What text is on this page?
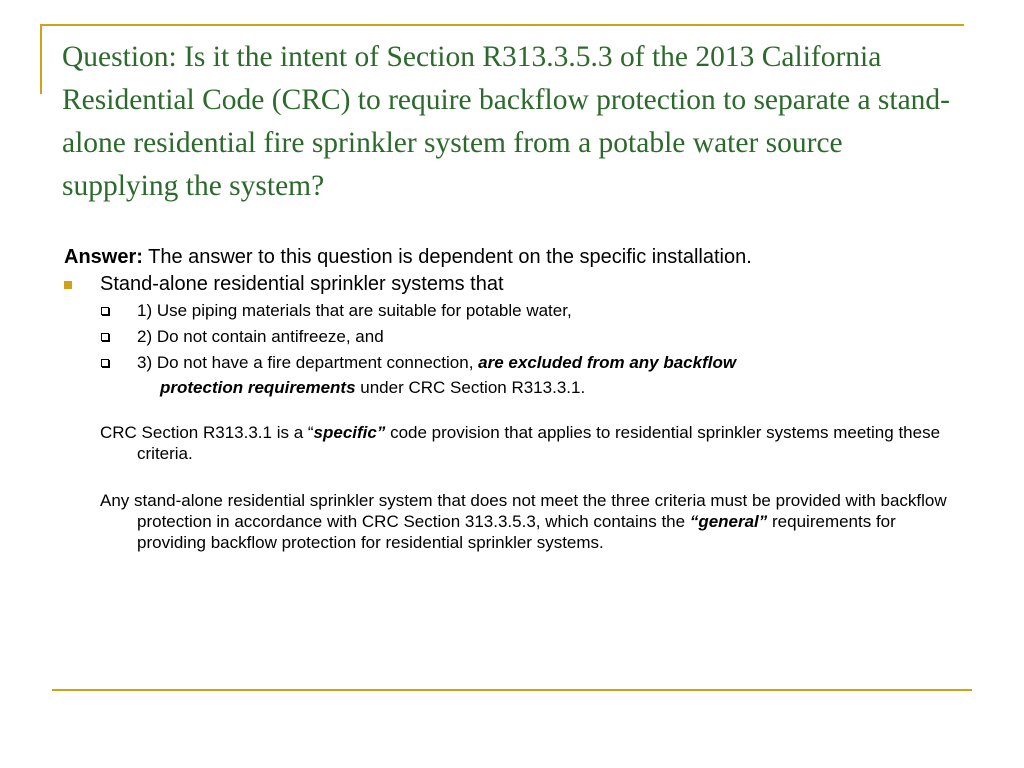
Question: Is it the intent of Section R313.3.5.3 of the 2013 California Residential Code (CRC) to require backflow protection to separate a stand-alone residential fire sprinkler system from a potable water source supplying the system?

Answer: The answer to this question is dependent on the specific installation.

Stand-alone residential sprinkler systems that
1) Use piping materials that are suitable for potable water,
2) Do not contain antifreeze, and
3) Do not have a fire department connection, are excluded from any backflow
protection requirements under CRC Section R313.3.1.

CRC Section R313.3.1 is a “specific” code provision that applies to residential sprinkler systems meeting these criteria.

Any stand-alone residential sprinkler system that does not meet the three criteria must be provided with backflow protection in accordance with CRC Section 313.3.5.3, which contains the “general” requirements for providing backflow protection for residential sprinkler systems.
